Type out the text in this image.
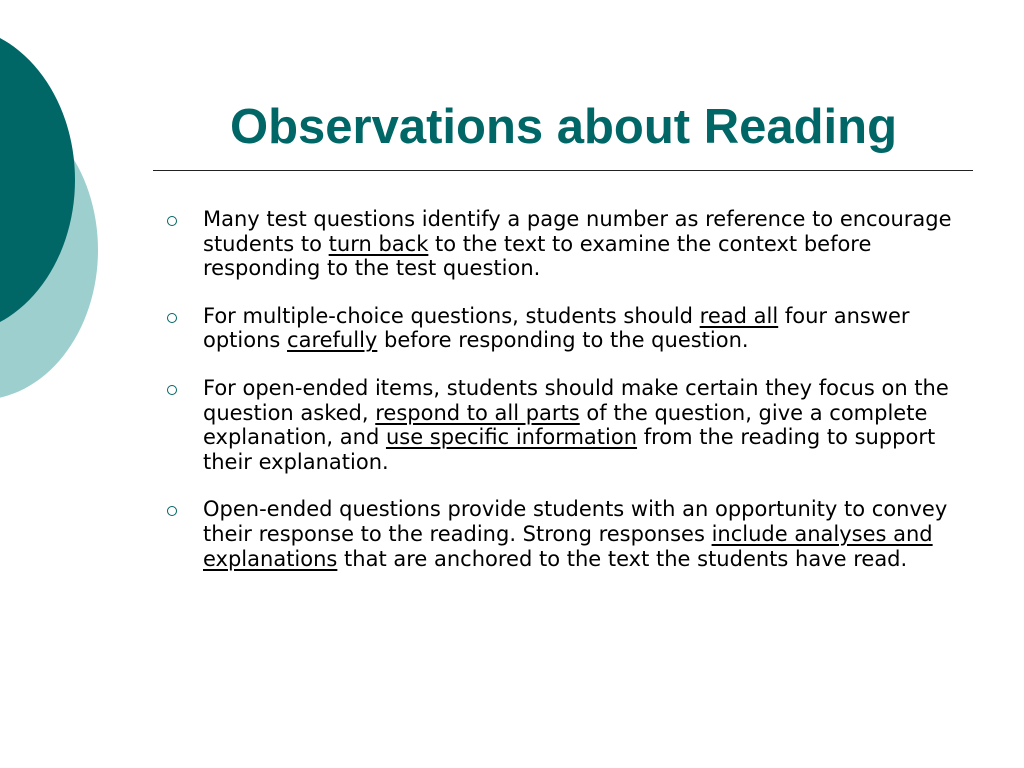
Observations about Reading
Many test questions identify a page number as reference to encourage students to turn back to the text to examine the context before responding to the test question.
For multiple-choice questions, students should read all four answer options carefully before responding to the question.
For open-ended items, students should make certain they focus on the question asked, respond to all parts of the question, give a complete explanation, and use specific information from the reading to support their explanation.
Open-ended questions provide students with an opportunity to convey their response to the reading. Strong responses include analyses and explanations that are anchored to the text the students have read.
